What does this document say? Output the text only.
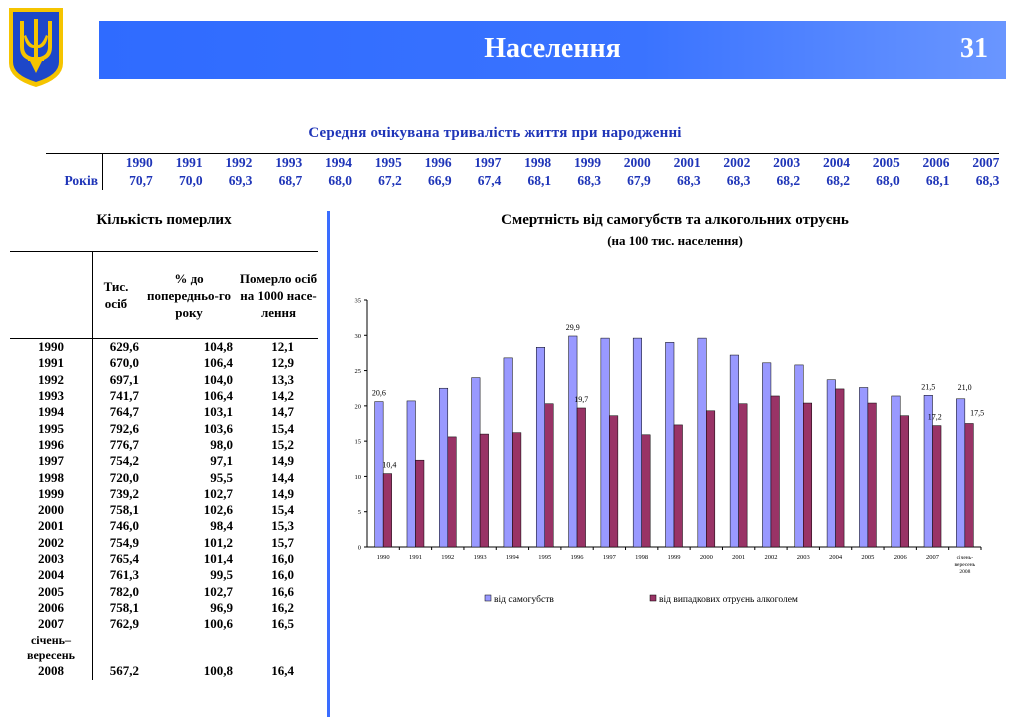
Населення	31
Середня очікувана тривалість життя при народженні
	1990	1991	1992	1993	1994	1995	1996	1997	1998	1999	2000	2001	2002	2003	2004	2005	2006	2007
Років	70,7	70,0	69,3	68,7	68,0	67,2	66,9	67,4	68,1	68,3	67,9	68,3	68,3	68,2	68,2	68,0	68,1	68,3
Кількість померлих
	Тис. осіб	% до попередньо-го року	Померло осіб на 1000 насе-лення
1990	629,6	104,8	12,1
1991	670,0	106,4	12,9
1992	697,1	104,0	13,3
1993	741,7	106,4	14,2
1994	764,7	103,1	14,7
1995	792,6	103,6	15,4
1996	776,7	98,0	15,2
1997	754,2	97,1	14,9
1998	720,0	95,5	14,4
1999	739,2	102,7	14,9
2000	758,1	102,6	15,4
2001	746,0	98,4	15,3
2002	754,9	101,2	15,7
2003	765,4	101,4	16,0
2004	761,3	99,5	16,0
2005	782,0	102,7	16,6
2006	758,1	96,9	16,2
2007	762,9	100,6	16,5
січень–вересень			
2008	567,2	100,8	16,4
Смертність від самогубств та алкогольних отруєнь
(на 100 тис. населення)
0
5
10
15
20
25
30
35
1990	1991	1992	1993	1994	1995	1996	1997	1998	1999	2000	2001	2002	2003	2004	2005	2006	2007	січень-
вересень
2008
20,6
10,4
29,9
19,7
21,5
17,2
21,0
17,5
від самогубств	від випадкових отруєнь алкоголем
